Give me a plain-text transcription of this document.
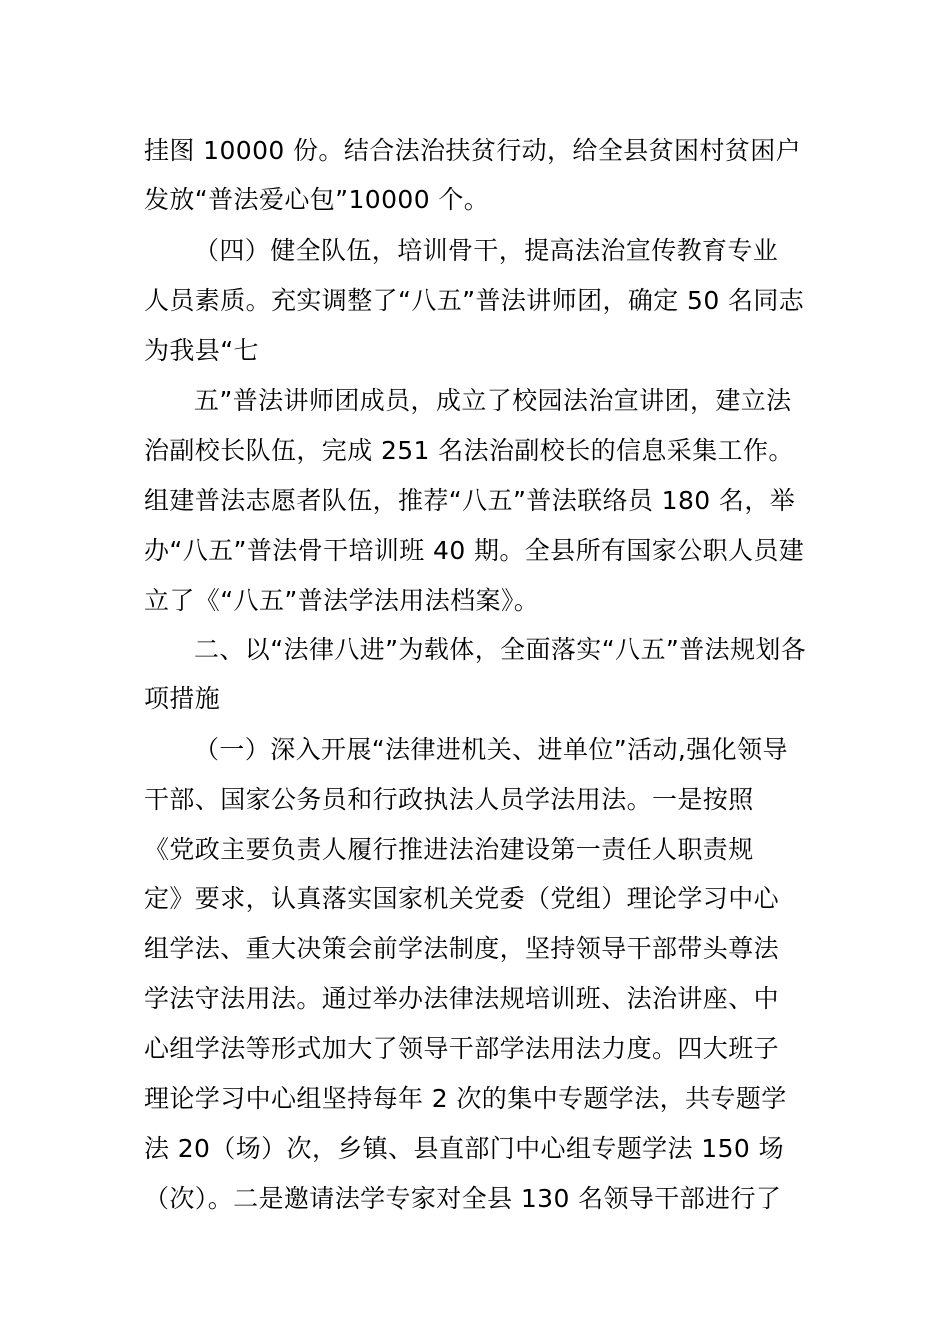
挂图 10000 份。结合法治扶贫行动，给全县贫困村贫困户
发放“普法爱心包”10000 个。
（四）健全队伍，培训骨干，提高法治宣传教育专业
人员素质。充实调整了“八五”普法讲师团，确定 50 名同志
为我县“七
五”普法讲师团成员，成立了校园法治宣讲团，建立法
治副校长队伍，完成 251 名法治副校长的信息采集工作。
组建普法志愿者队伍，推荐“八五”普法联络员 180 名，举
办“八五”普法骨干培训班 40 期。全县所有国家公职人员建
立了《“八五”普法学法用法档案》。
二、以“法律八进”为载体，全面落实“八五”普法规划各
项措施
（一）深入开展“法律进机关、进单位”活动,强化领导
干部、国家公务员和行政执法人员学法用法。一是按照
《党政主要负责人履行推进法治建设第一责任人职责规
定》要求，认真落实国家机关党委（党组）理论学习中心
组学法、重大决策会前学法制度，坚持领导干部带头尊法
学法守法用法。通过举办法律法规培训班、法治讲座、中
心组学法等形式加大了领导干部学法用法力度。四大班子
理论学习中心组坚持每年 2 次的集中专题学法，共专题学
法 20（场）次，乡镇、县直部门中心组专题学法 150 场
（次）。二是邀请法学专家对全县 130 名领导干部进行了
